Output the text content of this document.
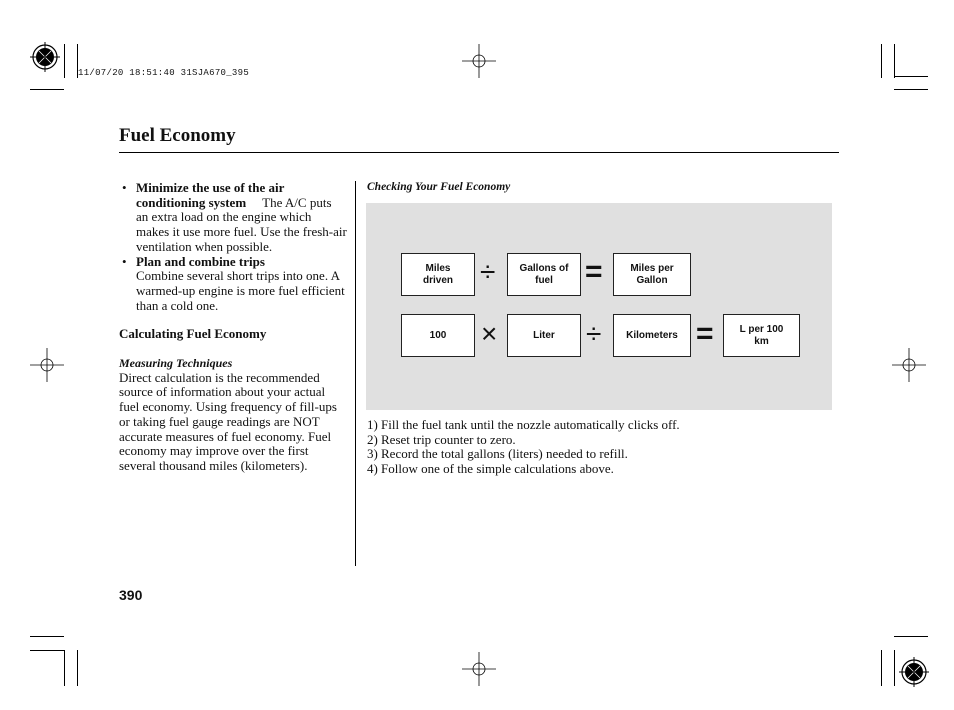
11/07/20 18:51:40 31SJA670_395
Fuel Economy
• Minimize the use of the air conditioning system The A/C puts an extra load on the engine which makes it use more fuel. Use the fresh-air ventilation when possible.
• Plan and combine trips
Combine several short trips into one. A warmed-up engine is more fuel efficient than a cold one.
Calculating Fuel Economy
Measuring Techniques
Direct calculation is the recommended source of information about your actual fuel economy. Using frequency of fill-ups or taking fuel gauge readings are NOT accurate measures of fuel economy. Fuel economy may improve over the first several thousand miles (kilometers).
Checking Your Fuel Economy
Miles driven ÷ Gallons of fuel	=	Miles per Gallon
100 ×	Liter ÷ Kilometers =	L per 100 km
1) Fill the fuel tank until the nozzle automatically clicks off.
2) Reset trip counter to zero.
3) Record the total gallons (liters) needed to refill.
4) Follow one of the simple calculations above.
390
